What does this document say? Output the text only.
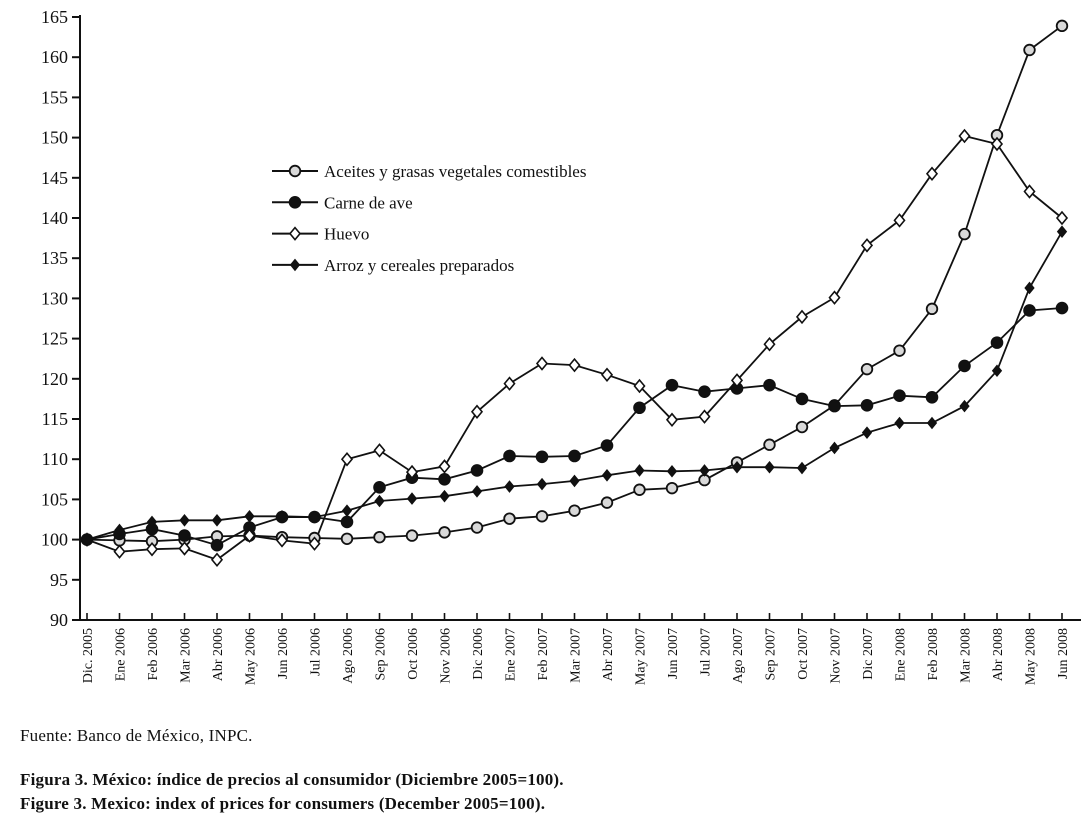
90
95
100
105
110
115
120
125
130
135
140
145
150
155
160
165
Dic. 2005 Ene 2006 Feb 2006 Mar 2006 Abr 2006 May 2006 Jun 2006 Jul 2006 Ago 2006 Sep 2006 Oct 2006 Nov 2006 Dic 2006 Ene 2007 Feb 2007 Mar 2007 Abr 2007 May 2007 Jun 2007 Jul 2007 Ago 2007 Sep 2007 Oct 2007 Nov 2007 Dic 2007 Ene 2008 Feb 2008 Mar 2008 Abr 2008 May 2008 Jun 2008
Aceites y grasas vegetales comestibles
Carne de ave
Huevo
Arroz y cereales preparados
Fuente: Banco de México, INPC.
Figura 3. México: índice de precios al consumidor (Diciembre 2005=100).
Figure 3. Mexico: index of prices for consumers (December 2005=100).
